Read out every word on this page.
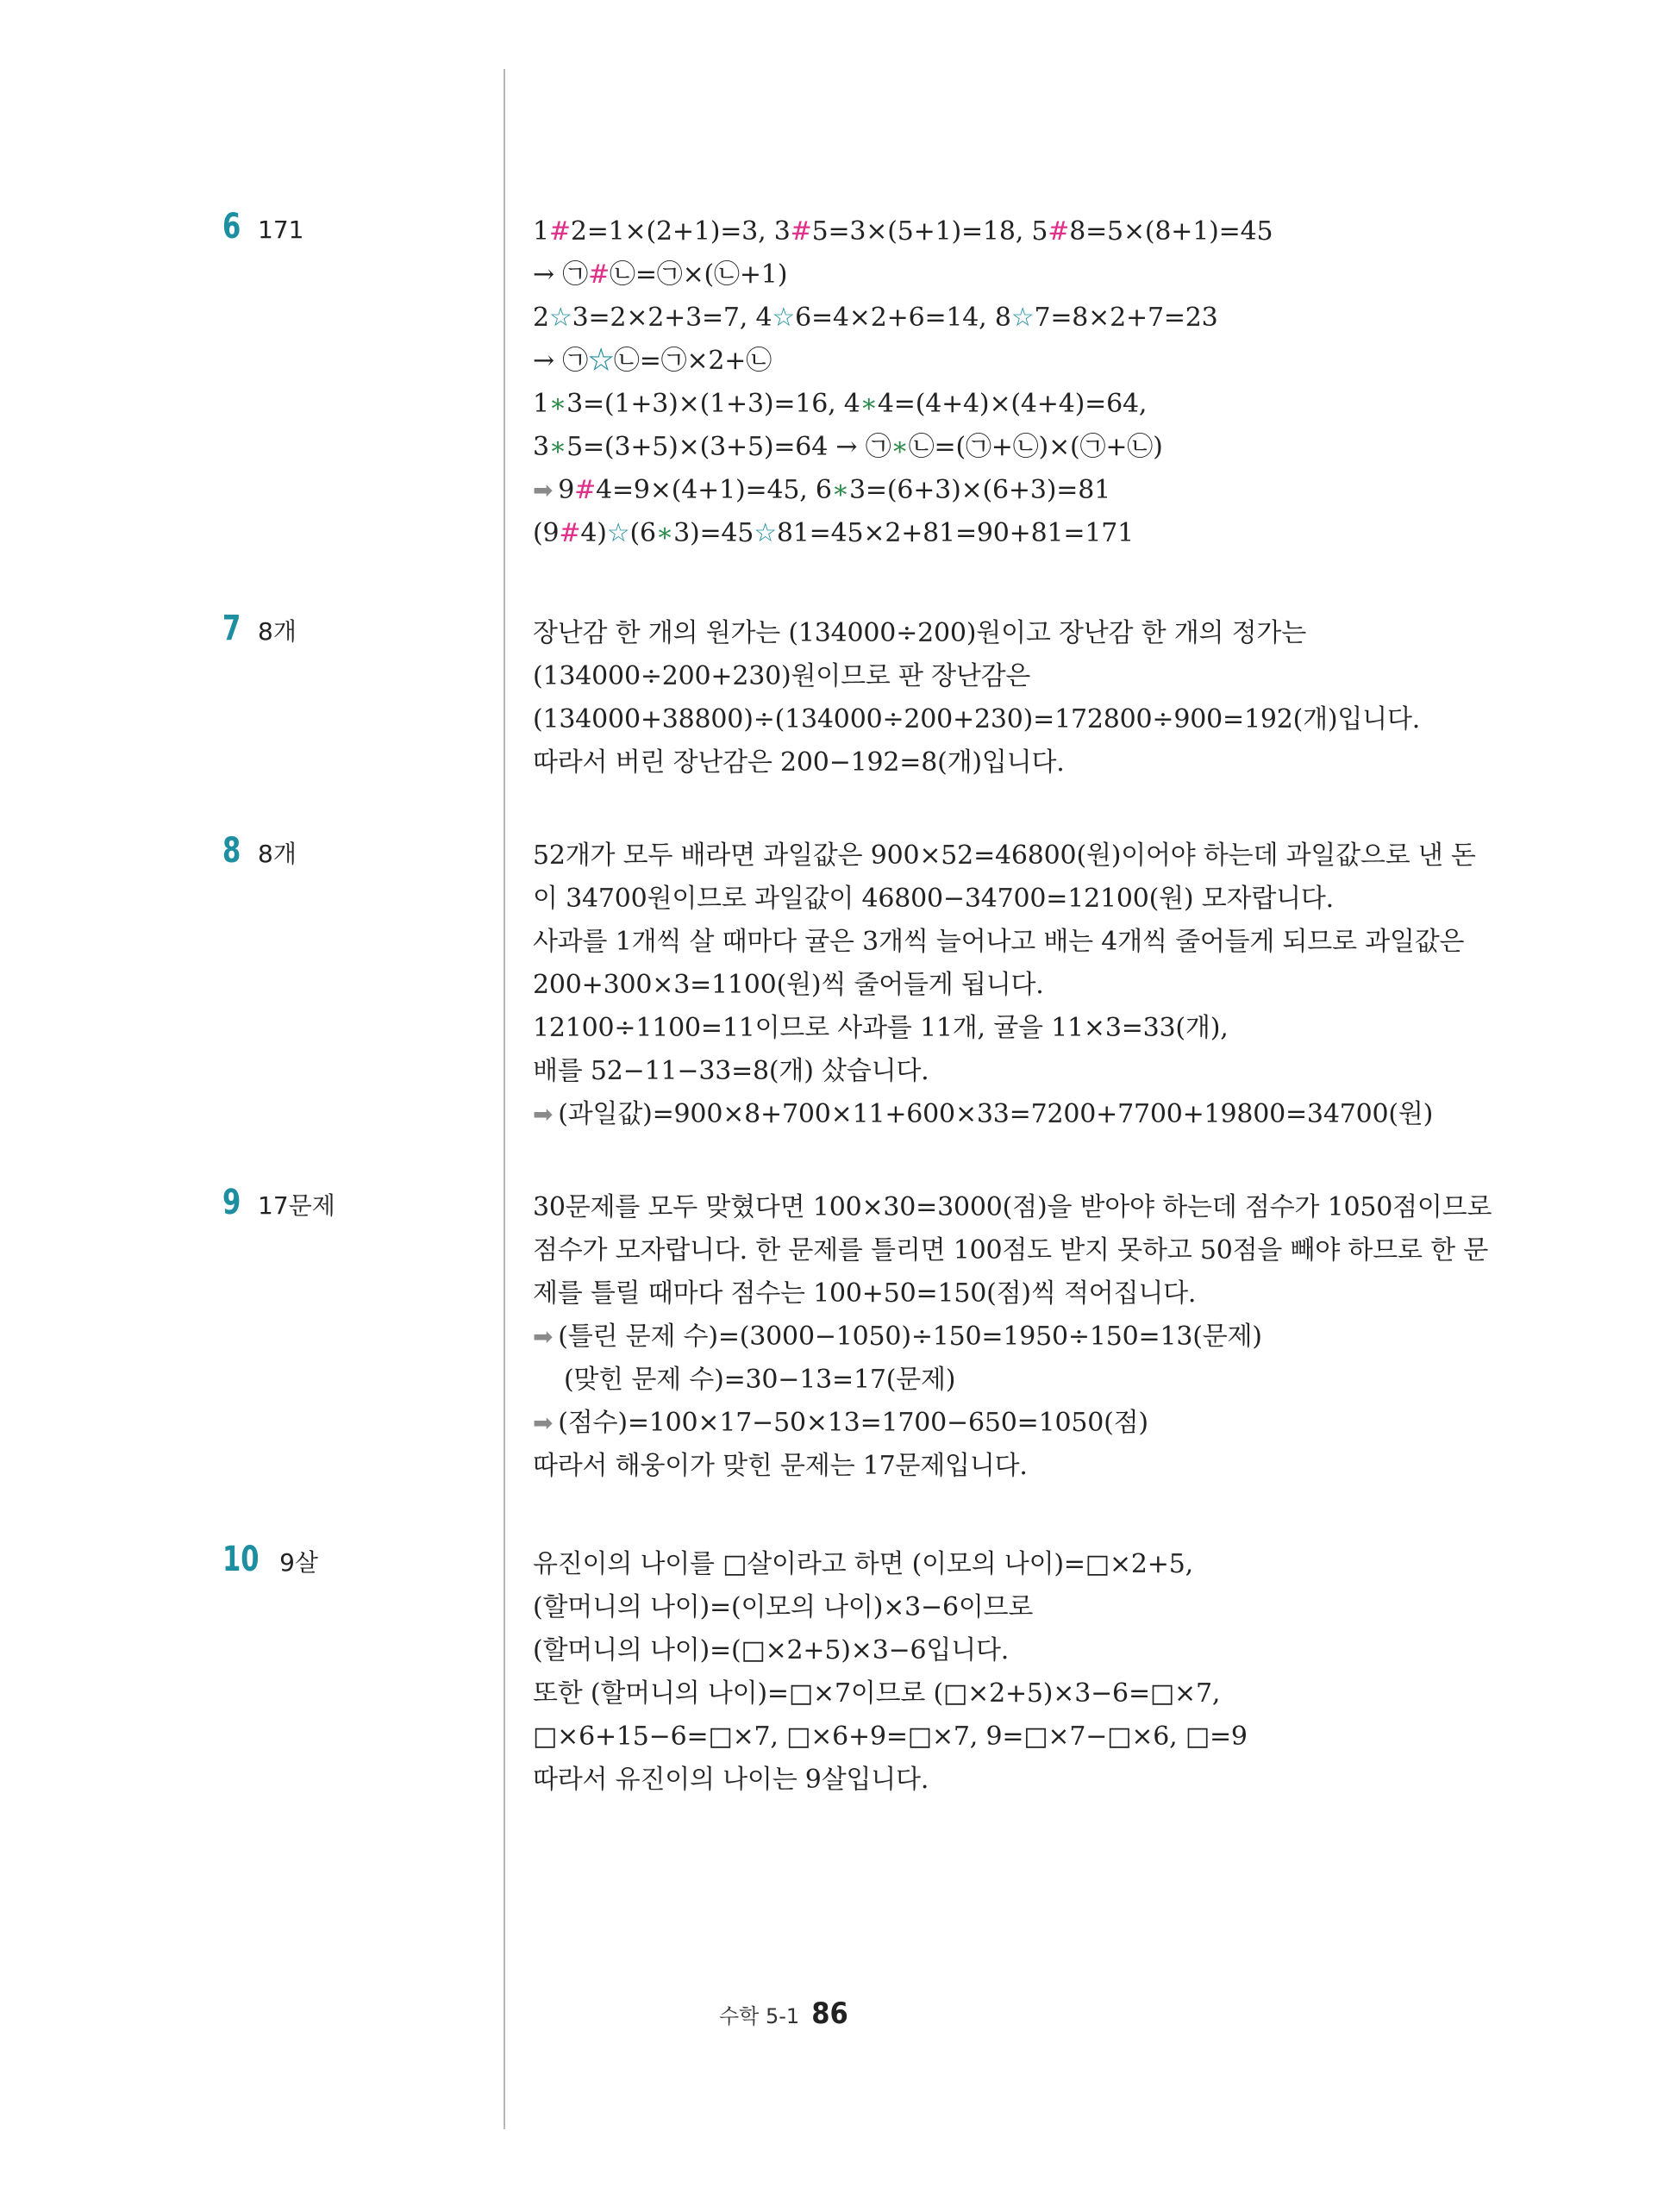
6 171	1#2=1×(2+1)=3, 3#5=3×(5+1)=18, 5#8=5×(8+1)=45
→ ㉠#㉡=㉠×(㉡+1)
2☆3=2×2+3=7, 4☆6=4×2+6=14, 8☆7=8×2+7=23
→ ㉠☆㉡=㉠×2+㉡
1∗3=(1+3)×(1+3)=16, 4∗4=(4+4)×(4+4)=64,
3∗5=(3+5)×(3+5)=64 → ㉠∗㉡=(㉠+㉡)×(㉠+㉡)
➡ 9#4=9×(4+1)=45, 6∗3=(6+3)×(6+3)=81
(9#4)☆(6∗3)=45☆81=45×2+81=90+81=171
7 8개	장난감 한 개의 원가는 (134000÷200)원이고 장난감 한 개의 정가는
(134000÷200+230)원이므로 판 장난감은
(134000+38800)÷(134000÷200+230)=172800÷900=192(개)입니다.
따라서 버린 장난감은 200−192=8(개)입니다.
8 8개	52개가 모두 배라면 과일값은 900×52=46800(원)이어야 하는데 과일값으로 낸 돈
이 34700원이므로 과일값이 46800−34700=12100(원) 모자랍니다.
사과를 1개씩 살 때마다 귤은 3개씩 늘어나고 배는 4개씩 줄어들게 되므로 과일값은
200+300×3=1100(원)씩 줄어들게 됩니다.
12100÷1100=11이므로 사과를 11개, 귤을 11×3=33(개),
배를 52−11−33=8(개) 샀습니다.
➡ (과일값)=900×8+700×11+600×33=7200+7700+19800=34700(원)
9 17문제	30문제를 모두 맞혔다면 100×30=3000(점)을 받아야 하는데 점수가 1050점이므로
점수가 모자랍니다. 한 문제를 틀리면 100점도 받지 못하고 50점을 빼야 하므로 한 문
제를 틀릴 때마다 점수는 100+50=150(점)씩 적어집니다.
➡ (틀린 문제 수)=(3000−1050)÷150=1950÷150=13(문제)
(맞힌 문제 수)=30−13=17(문제)
➡ (점수)=100×17−50×13=1700−650=1050(점)
따라서 해웅이가 맞힌 문제는 17문제입니다.
10 9살	유진이의 나이를 □살이라고 하면 (이모의 나이)=□×2+5,
(할머니의 나이)=(이모의 나이)×3−6이므로
(할머니의 나이)=(□×2+5)×3−6입니다.
또한 (할머니의 나이)=□×7이므로 (□×2+5)×3−6=□×7,
□×6+15−6=□×7, □×6+9=□×7, 9=□×7−□×6, □=9
따라서 유진이의 나이는 9살입니다.
수학 5-1 86
